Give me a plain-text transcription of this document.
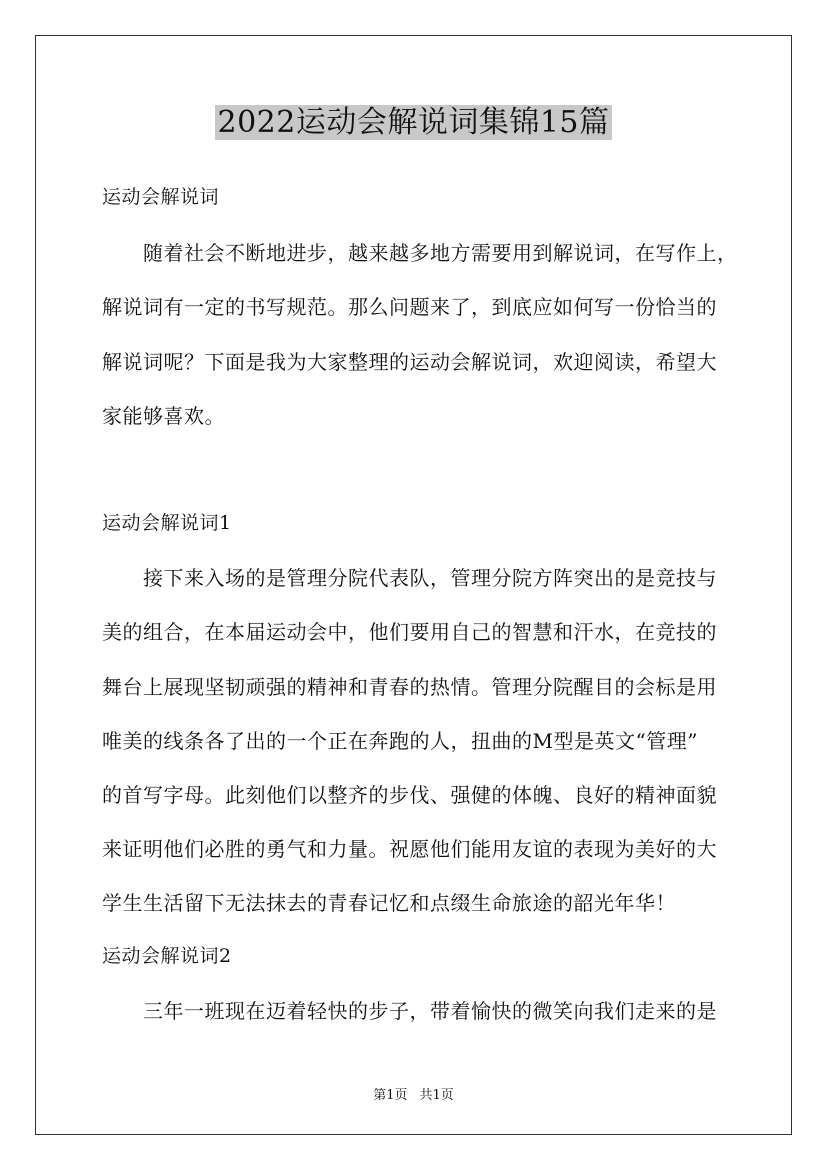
2022运动会解说词集锦15篇
运动会解说词
　　随着社会不断地进步，越来越多地方需要用到解说词，在写作上，
解说词有一定的书写规范。那么问题来了，到底应如何写一份恰当的
解说词呢？下面是我为大家整理的运动会解说词，欢迎阅读，希望大
家能够喜欢。
运动会解说词1
　　接下来入场的是管理分院代表队，管理分院方阵突出的是竞技与
美的组合，在本届运动会中，他们要用自己的智慧和汗水，在竞技的
舞台上展现坚韧顽强的精神和青春的热情。管理分院醒目的会标是用
唯美的线条各了出的一个正在奔跑的人，扭曲的M型是英文“管理”
的首写字母。此刻他们以整齐的步伐、强健的体魄、良好的精神面貌
来证明他们必胜的勇气和力量。祝愿他们能用友谊的表现为美好的大
学生生活留下无法抹去的青春记忆和点缀生命旅途的韶光年华！
运动会解说词2
　　三年一班现在迈着轻快的步子，带着愉快的微笑向我们走来的是
第1页 共1页
